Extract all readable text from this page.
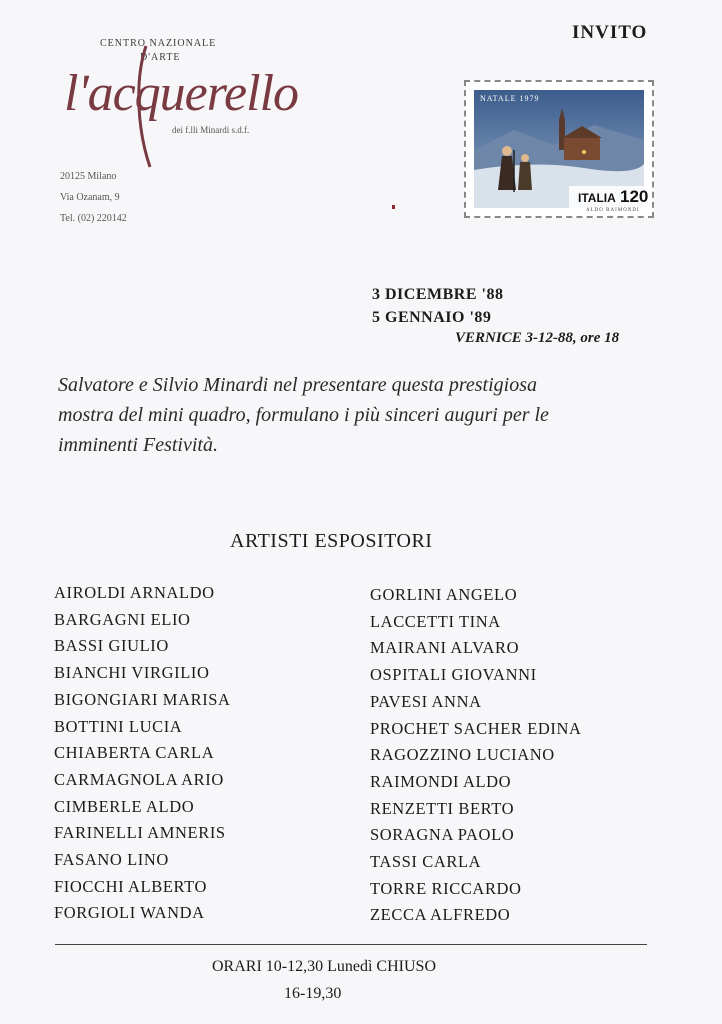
CENTRO NAZIONALE
D'ARTE
l'acquerello
dei f.lli Minardi s.d.f.
20125 Milano
Via Ozanam, 9
Tel. (02) 220142
INVITO
NATALE 1979
ITALIA 120
ALDO RAIMONDI
3 DICEMBRE '88
5 GENNAIO '89
VERNICE 3-12-88, ore 18
Salvatore e Silvio Minardi nel presentare questa prestigiosa
mostra del mini quadro, formulano i più sinceri auguri per le
imminenti Festività.
ARTISTI ESPOSITORI
AIROLDI ARNALDO
BARGAGNI ELIO
BASSI GIULIO
BIANCHI VIRGILIO
BIGONGIARI MARISA
BOTTINI LUCIA
CHIABERTA CARLA
CARMAGNOLA ARIO
CIMBERLE ALDO
FARINELLI AMNERIS
FASANO LINO
FIOCCHI ALBERTO
FORGIOLI WANDA
GORLINI ANGELO
LACCETTI TINA
MAIRANI ALVARO
OSPITALI GIOVANNI
PAVESI ANNA
PROCHET SACHER EDINA
RAGOZZINO LUCIANO
RAIMONDI ALDO
RENZETTI BERTO
SORAGNA PAOLO
TASSI CARLA
TORRE RICCARDO
ZECCA ALFREDO
ORARI 10-12,30 Lunedì CHIUSO
16-19,30
